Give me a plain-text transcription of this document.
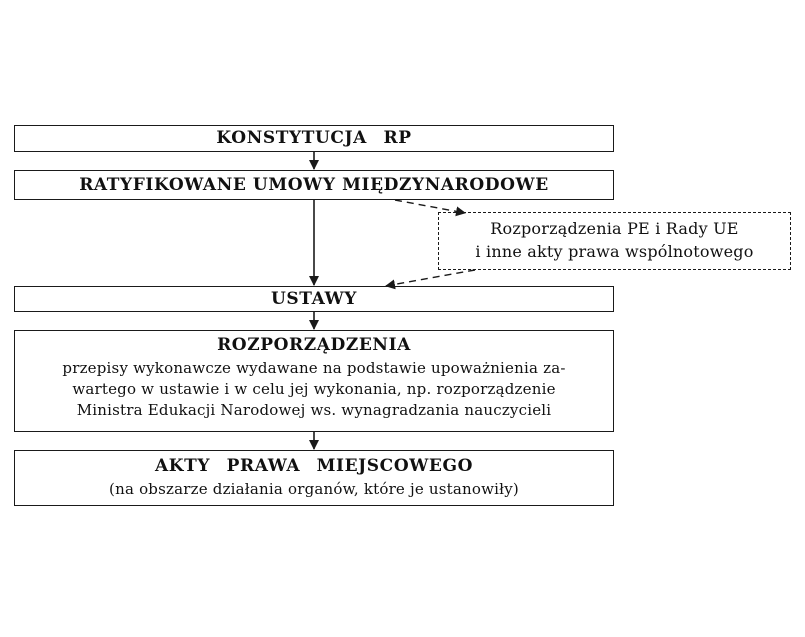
KONSTYTUCJA RP
RATYFIKOWANE UMOWY MIĘDZYNARODOWE
Rozporządzenia PE i Rady UE
i inne akty prawa wspólnotowego
USTAWY
ROZPORZĄDZENIA
przepisy wykonawcze wydawane na podstawie upoważnienia za-
wartego w ustawie i w celu jej wykonania, np. rozporządzenie
Ministra Edukacji Narodowej ws. wynagradzania nauczycieli
AKTY PRAWA MIEJSCOWEGO
(na obszarze działania organów, które je ustanowiły)
